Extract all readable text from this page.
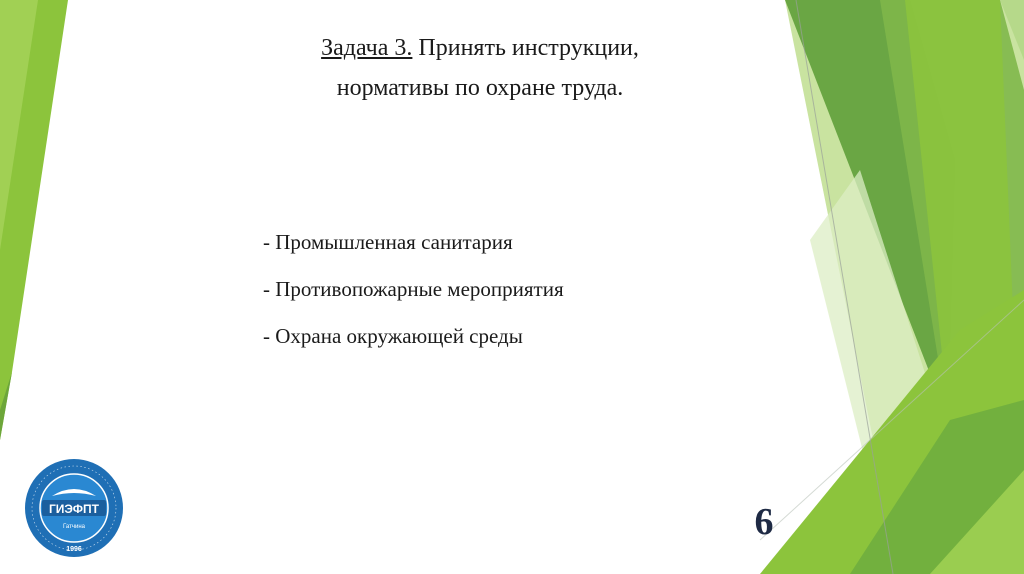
Задача 3. Принять инструкции,
нормативы по охране труда.
- Промышленная санитария
- Противопожарные мероприятия
- Охрана окружающей среды
6
ГИЭФПТ
Гатчина
1996
